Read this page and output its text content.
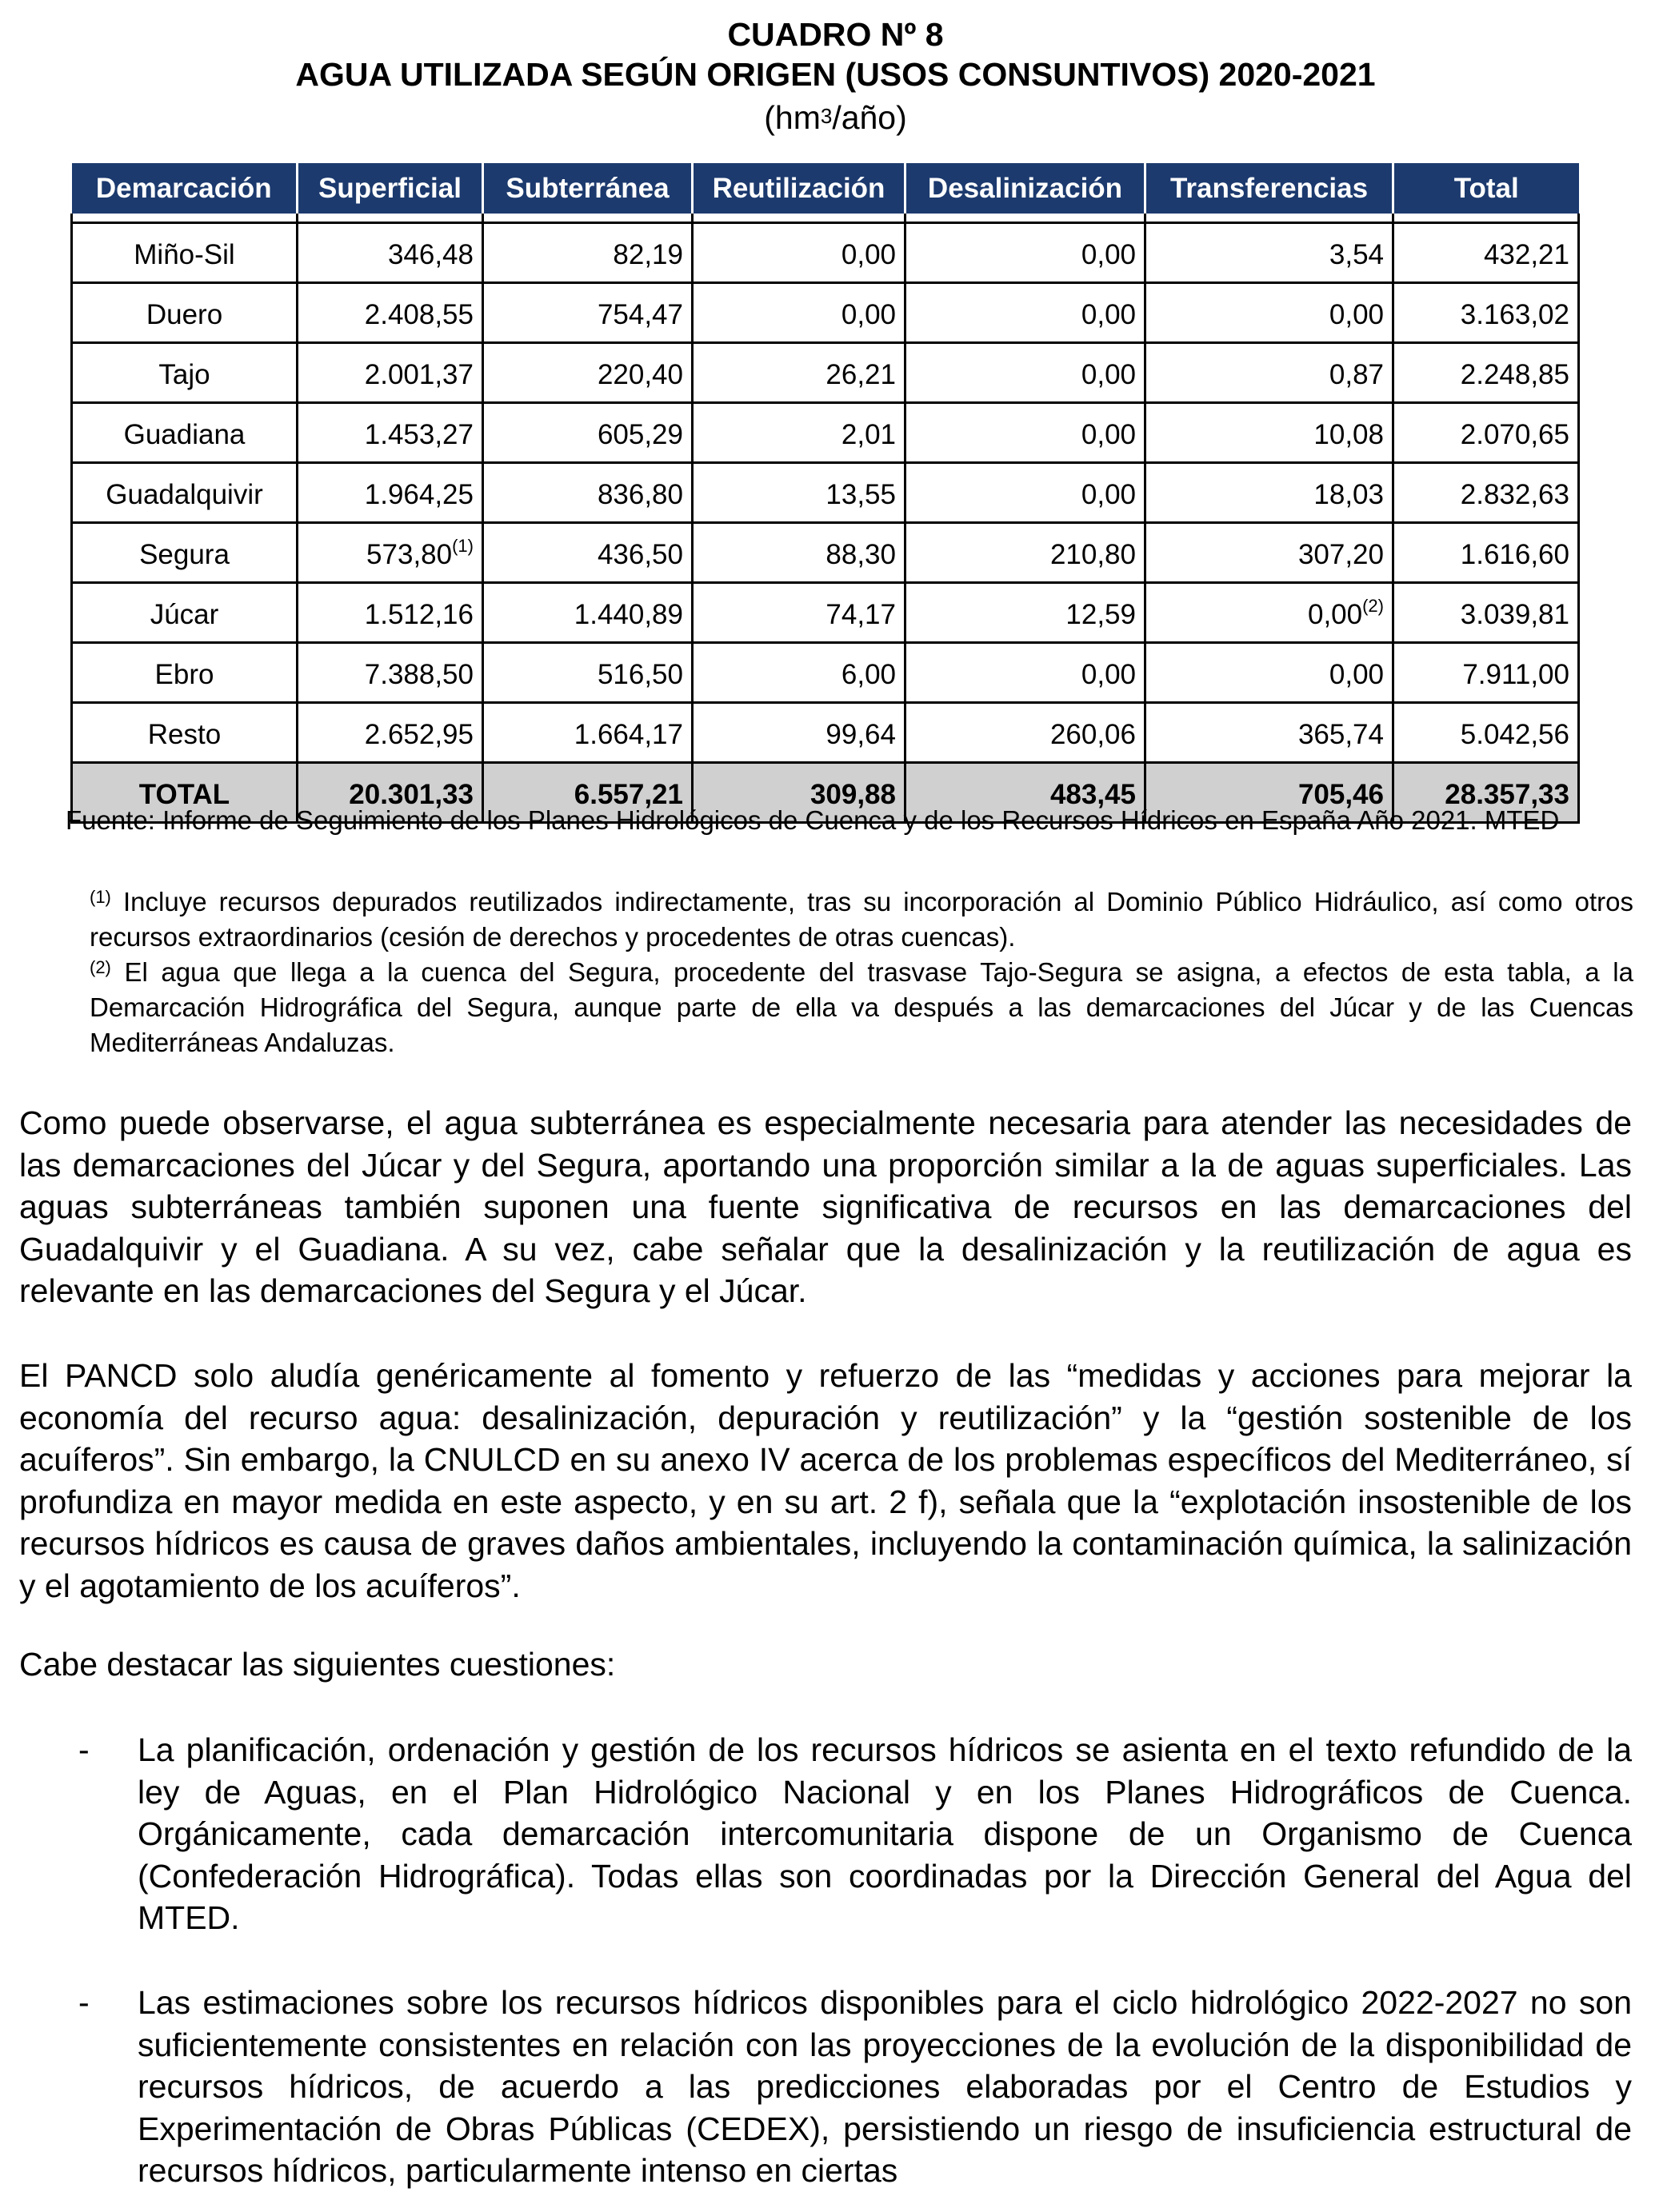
CUADRO Nº 8
AGUA UTILIZADA SEGÚN ORIGEN (USOS CONSUNTIVOS) 2020-2021
$(hm^3/año)$
Demarcación	Superficial	Subterránea	Reutilización	Desalinización	Transferencias	Total

Miño-Sil	346,48	82,19	0,00	0,00	3,54	432,21
Duero	2.408,55	754,47	0,00	0,00	0,00	3.163,02
Tajo	2.001,37	220,40	26,21	0,00	0,87	2.248,85
Guadiana	1.453,27	605,29	2,01	0,00	10,08	2.070,65
Guadalquivir	1.964,25	836,80	13,55	0,00	18,03	2.832,63
Segura	573,80$^{(1)}$	436,50	88,30	210,80	307,20	1.616,60
Júcar	1.512,16	1.440,89	74,17	12,59	0,00$^{(2)}$	3.039,81
Ebro	7.388,50	516,50	6,00	0,00	0,00	7.911,00
Resto	2.652,95	1.664,17	99,64	260,06	365,74	5.042,56
TOTAL	20.301,33	6.557,21	309,88	483,45	705,46	28.357,33
Fuente: Informe de Seguimiento de los Planes Hidrológicos de Cuenca y de los Recursos Hídricos en España Año 2021. MTED
$^{(1)}$ Incluye recursos depurados reutilizados indirectamente, tras su incorporación al Dominio Público Hidráulico, así como otros recursos extraordinarios (cesión de derechos y procedentes de otras cuencas).
$^{(2)}$ El agua que llega a la cuenca del Segura, procedente del trasvase Tajo-Segura se asigna, a efectos de esta tabla, a la Demarcación Hidrográfica del Segura, aunque parte de ella va después a las demarcaciones del Júcar y de las Cuencas Mediterráneas Andaluzas.
Como puede observarse, el agua subterránea es especialmente necesaria para atender las necesidades de las demarcaciones del Júcar y del Segura, aportando una proporción similar a la de aguas superficiales. Las aguas subterráneas también suponen una fuente significativa de recursos en las demarcaciones del Guadalquivir y el Guadiana. A su vez, cabe señalar que la desalinización y la reutilización de agua es relevante en las demarcaciones del Segura y el Júcar.
El PANCD solo aludía genéricamente al fomento y refuerzo de las “medidas y acciones para mejorar la economía del recurso agua: desalinización, depuración y reutilización” y la “gestión sostenible de los acuíferos”. Sin embargo, la CNULCD en su anexo IV acerca de los problemas específicos del Mediterráneo, sí profundiza en mayor medida en este aspecto, y en su art. 2 f), señala que la “explotación insostenible de los recursos hídricos es causa de graves daños ambientales, incluyendo la contaminación química, la salinización y el agotamiento de los acuíferos”.
Cabe destacar las siguientes cuestiones:
- La planificación, ordenación y gestión de los recursos hídricos se asienta en el texto refundido de la ley de Aguas, en el Plan Hidrológico Nacional y en los Planes Hidrográficos de Cuenca. Orgánicamente, cada demarcación intercomunitaria dispone de un Organismo de Cuenca (Confederación Hidrográfica). Todas ellas son coordinadas por la Dirección General del Agua del MTED.
- Las estimaciones sobre los recursos hídricos disponibles para el ciclo hidrológico 2022-2027 no son suficientemente consistentes en relación con las proyecciones de la evolución de la disponibilidad de recursos hídricos, de acuerdo a las predicciones elaboradas por el Centro de Estudios y Experimentación de Obras Públicas (CEDEX), persistiendo un riesgo de insuficiencia estructural de recursos hídricos, particularmente intenso en ciertas
